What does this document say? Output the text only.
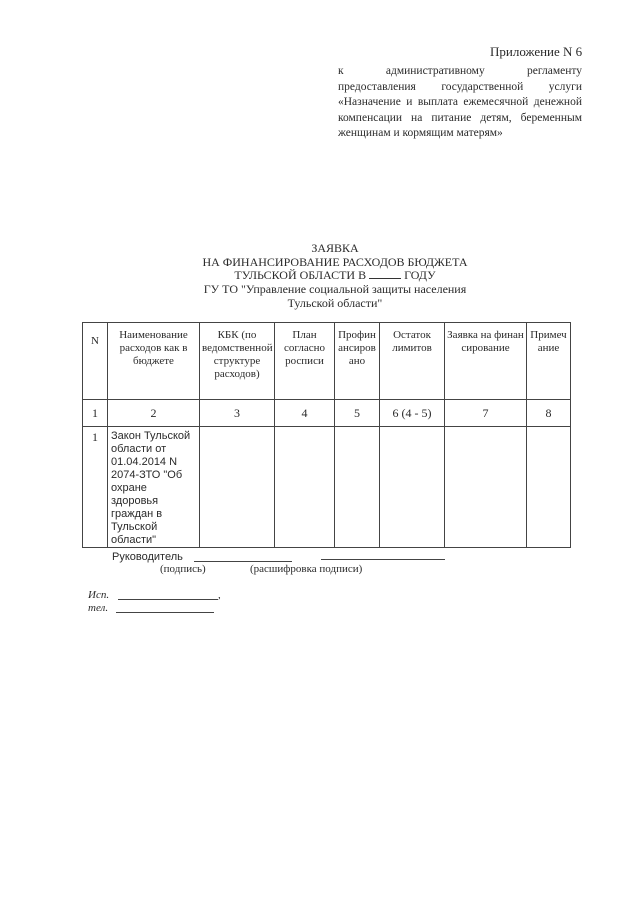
Приложение N 6
к административному регламенту предоставления государственной услуги «Назначение и выплата ежемесячной денежной компенсации на питание детям, беременным женщинам и кормящим матерям»
ЗАЯВКА
НА ФИНАНСИРОВАНИЕ РАСХОДОВ БЮДЖЕТА
ТУЛЬСКОЙ ОБЛАСТИ В	ГОДУ
ГУ ТО "Управление социальной защиты населения
Тульской области"
N	Наименование расходов как в бюджете	КБК (по ведомственной структуре расходов)	План согласно росписи	Профинансировано	Остаток лимитов	Заявка на финансирование	Примечание
1	2	3	4	5	6 (4 - 5)	7	8
1	Закон Тульской области от 01.04.2014 N 2074-ЗТО "Об охране здоровья граждан в Тульской области"						
Руководитель
(подпись)	(расшифровка подписи)
Исп.	,
тел.
